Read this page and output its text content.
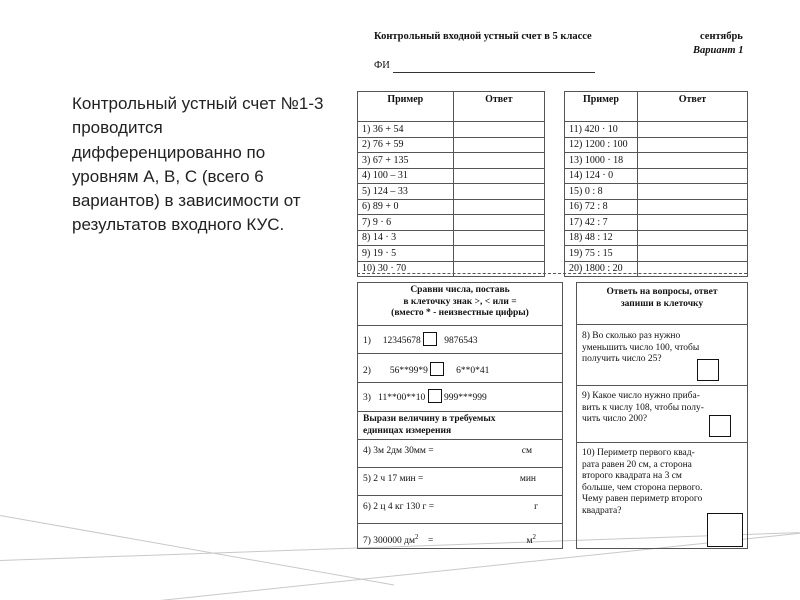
Контрольный устный счет №1-3 проводится дифференцированно по уровням А, В, С (всего 6 вариантов) в зависимости от результатов входного КУС.
Контрольный входной устный счет в 5 классе	сентябрь
Вариант 1
ФИ
Пример	Ответ
1) 36 + 54	
2) 76 + 59	
3) 67 + 135	
4) 100 – 31	
5) 124 – 33	
6) 89 + 0	
7) 9 · 6	
8) 14 · 3	
9) 19 · 5	
10) 30 · 70	
Пример	Ответ
11) 420 · 10	
12) 1200 : 100	
13) 1000 · 18	
14) 124 · 0	
15) 0 : 8	
16) 72 : 8	
17) 42 : 7	
18) 48 : 12	
19) 75 : 15	
20) 1800 : 20	
Сравни числа, поставь
в клеточку знак >, < или =
(вместо * - неизвестные цифры)
1) 12345678 9876543
2) 56**99*9	6**0*41
3) 11**00**10 999***999
Вырази величину в требуемых
единицах измерения
4) 3м 2дм 30мм =	см
5) 2 ч 17 мин =	мин
6) 2 ц 4 кг 130 г =	г
7) 300000 $дм^2$ =	$м^2$
Ответь на вопросы, ответ
запиши в клеточку
8) Во сколько раз нужно
уменьшить число 100, чтобы
получить число 25?
9) Какое число нужно приба-
вить к числу 108, чтобы полу-
чить число 200?
10) Периметр первого квад-
рата равен 20 см, а сторона
второго квадрата на 3 см
больше, чем сторона первого.
Чему равен периметр второго
квадрата?
